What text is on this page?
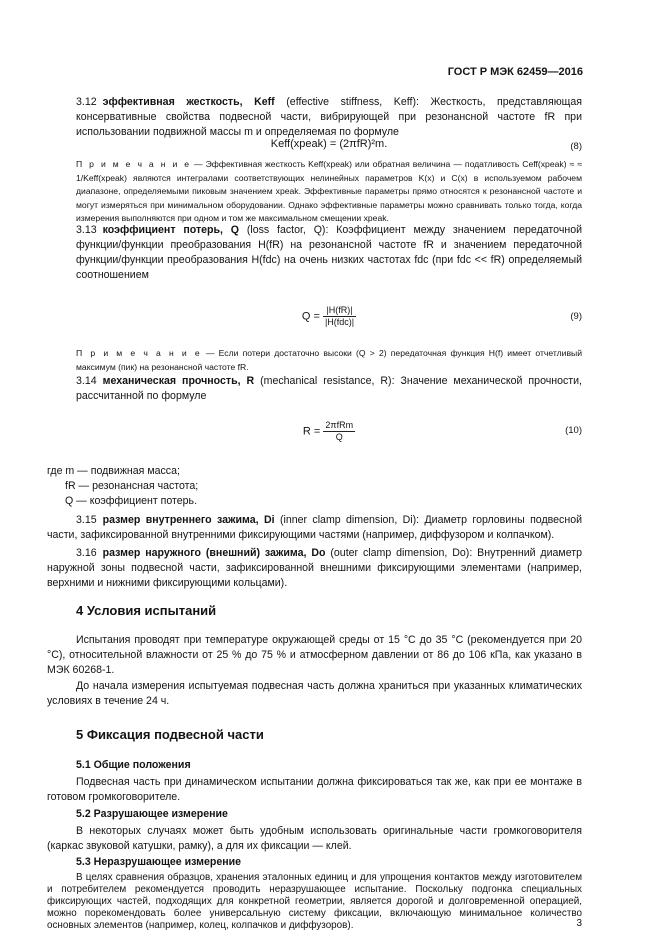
ГОСТ Р МЭК 62459—2016
3.12 эффективная жесткость, Keff (effective stiffness, Keff): Жесткость, представляющая консервативные свойства подвесной части, вибрирующей при резонансной частоте fR при использовании подвижной массы m и определяемая по формуле
Keff(xpeak) = (2πfR)²m.	(8)
П р и м е ч а н и е — Эффективная жесткость Keff(xpeak) или обратная величина — податливость Ceff(xpeak) ≈ ≈ 1/Keff(xpeak) являются интегралами соответствующих нелинейных параметров K(x) и C(x) в используемом рабочем диапазоне, определяемыми пиковым значением xpeak. Эффективные параметры прямо относятся к резонансной частоте и могут измеряться при минимальном оборудовании. Однако эффективные параметры можно сравнивать только тогда, когда измерения выполняются при одном и том же максимальном смещении xpeak.
3.13 коэффициент потерь, Q (loss factor, Q): Коэффициент между значением передаточной функции/функции преобразования H(fR) на резонансной частоте fR и значением передаточной функции/функции преобразования H(fdc) на очень низких частотах fdc (при fdc << fR) определяемый соотношением
$Q = \frac{|H(fR)|}{\text{|H(fdc)|}}$	(9)
П р и м е ч а н и е — Если потери достаточно высоки (Q > 2) передаточная функция H(f) имеет отчетливый максимум (пик) на резонансной частоте fR.
3.14 механическая прочность, R (mechanical resistance, R): Значение механической прочности, рассчитанной по формуле
$R = \frac{\text{2πfRm}}{Q}$	(10)
где m — подвижная масса;
fR — резонансная частота;
Q — коэффициент потерь.
3.15 размер внутреннего зажима, Di (inner clamp dimension, Di): Диаметр горловины подвесной части, зафиксированной внутренними фиксирующими частями (например, диффузором и колпачком).
3.16 размер наружного (внешний) зажима, Do (outer clamp dimension, Do): Внутренний диаметр наружной зоны подвесной части, зафиксированной внешними фиксирующими элементами (например, верхними и нижними фиксирующими кольцами).
4 Условия испытаний
Испытания проводят при температуре окружающей среды от 15 °С до 35 °С (рекомендуется при 20 °С), относительной влажности от 25 % до 75 % и атмосферном давлении от 86 до 106 кПа, как указано в МЭК 60268-1.
До начала измерения испытуемая подвесная часть должна храниться при указанных климатических условиях в течение 24 ч.
5 Фиксация подвесной части
5.1 Общие положения
Подвесная часть при динамическом испытании должна фиксироваться так же, как при ее монтаже в готовом громкоговорителе.
5.2 Разрушающее измерение
В некоторых случаях может быть удобным использовать оригинальные части громкоговорителя (каркас звуковой катушки, рамку), а для их фиксации — клей.
5.3 Неразрушающее измерение
В целях сравнения образцов, хранения эталонных единиц и для упрощения контактов между изготовителем и потребителем рекомендуется проводить неразрушающее испытание. Поскольку подгонка специальных фиксирующих частей, подходящих для конкретной геометрии, является дорогой и долговременной операцией, можно порекомендовать более универсальную систему фиксации, включающую минимальное количество основных элементов (например, колец, колпачков и диффузоров).	3
